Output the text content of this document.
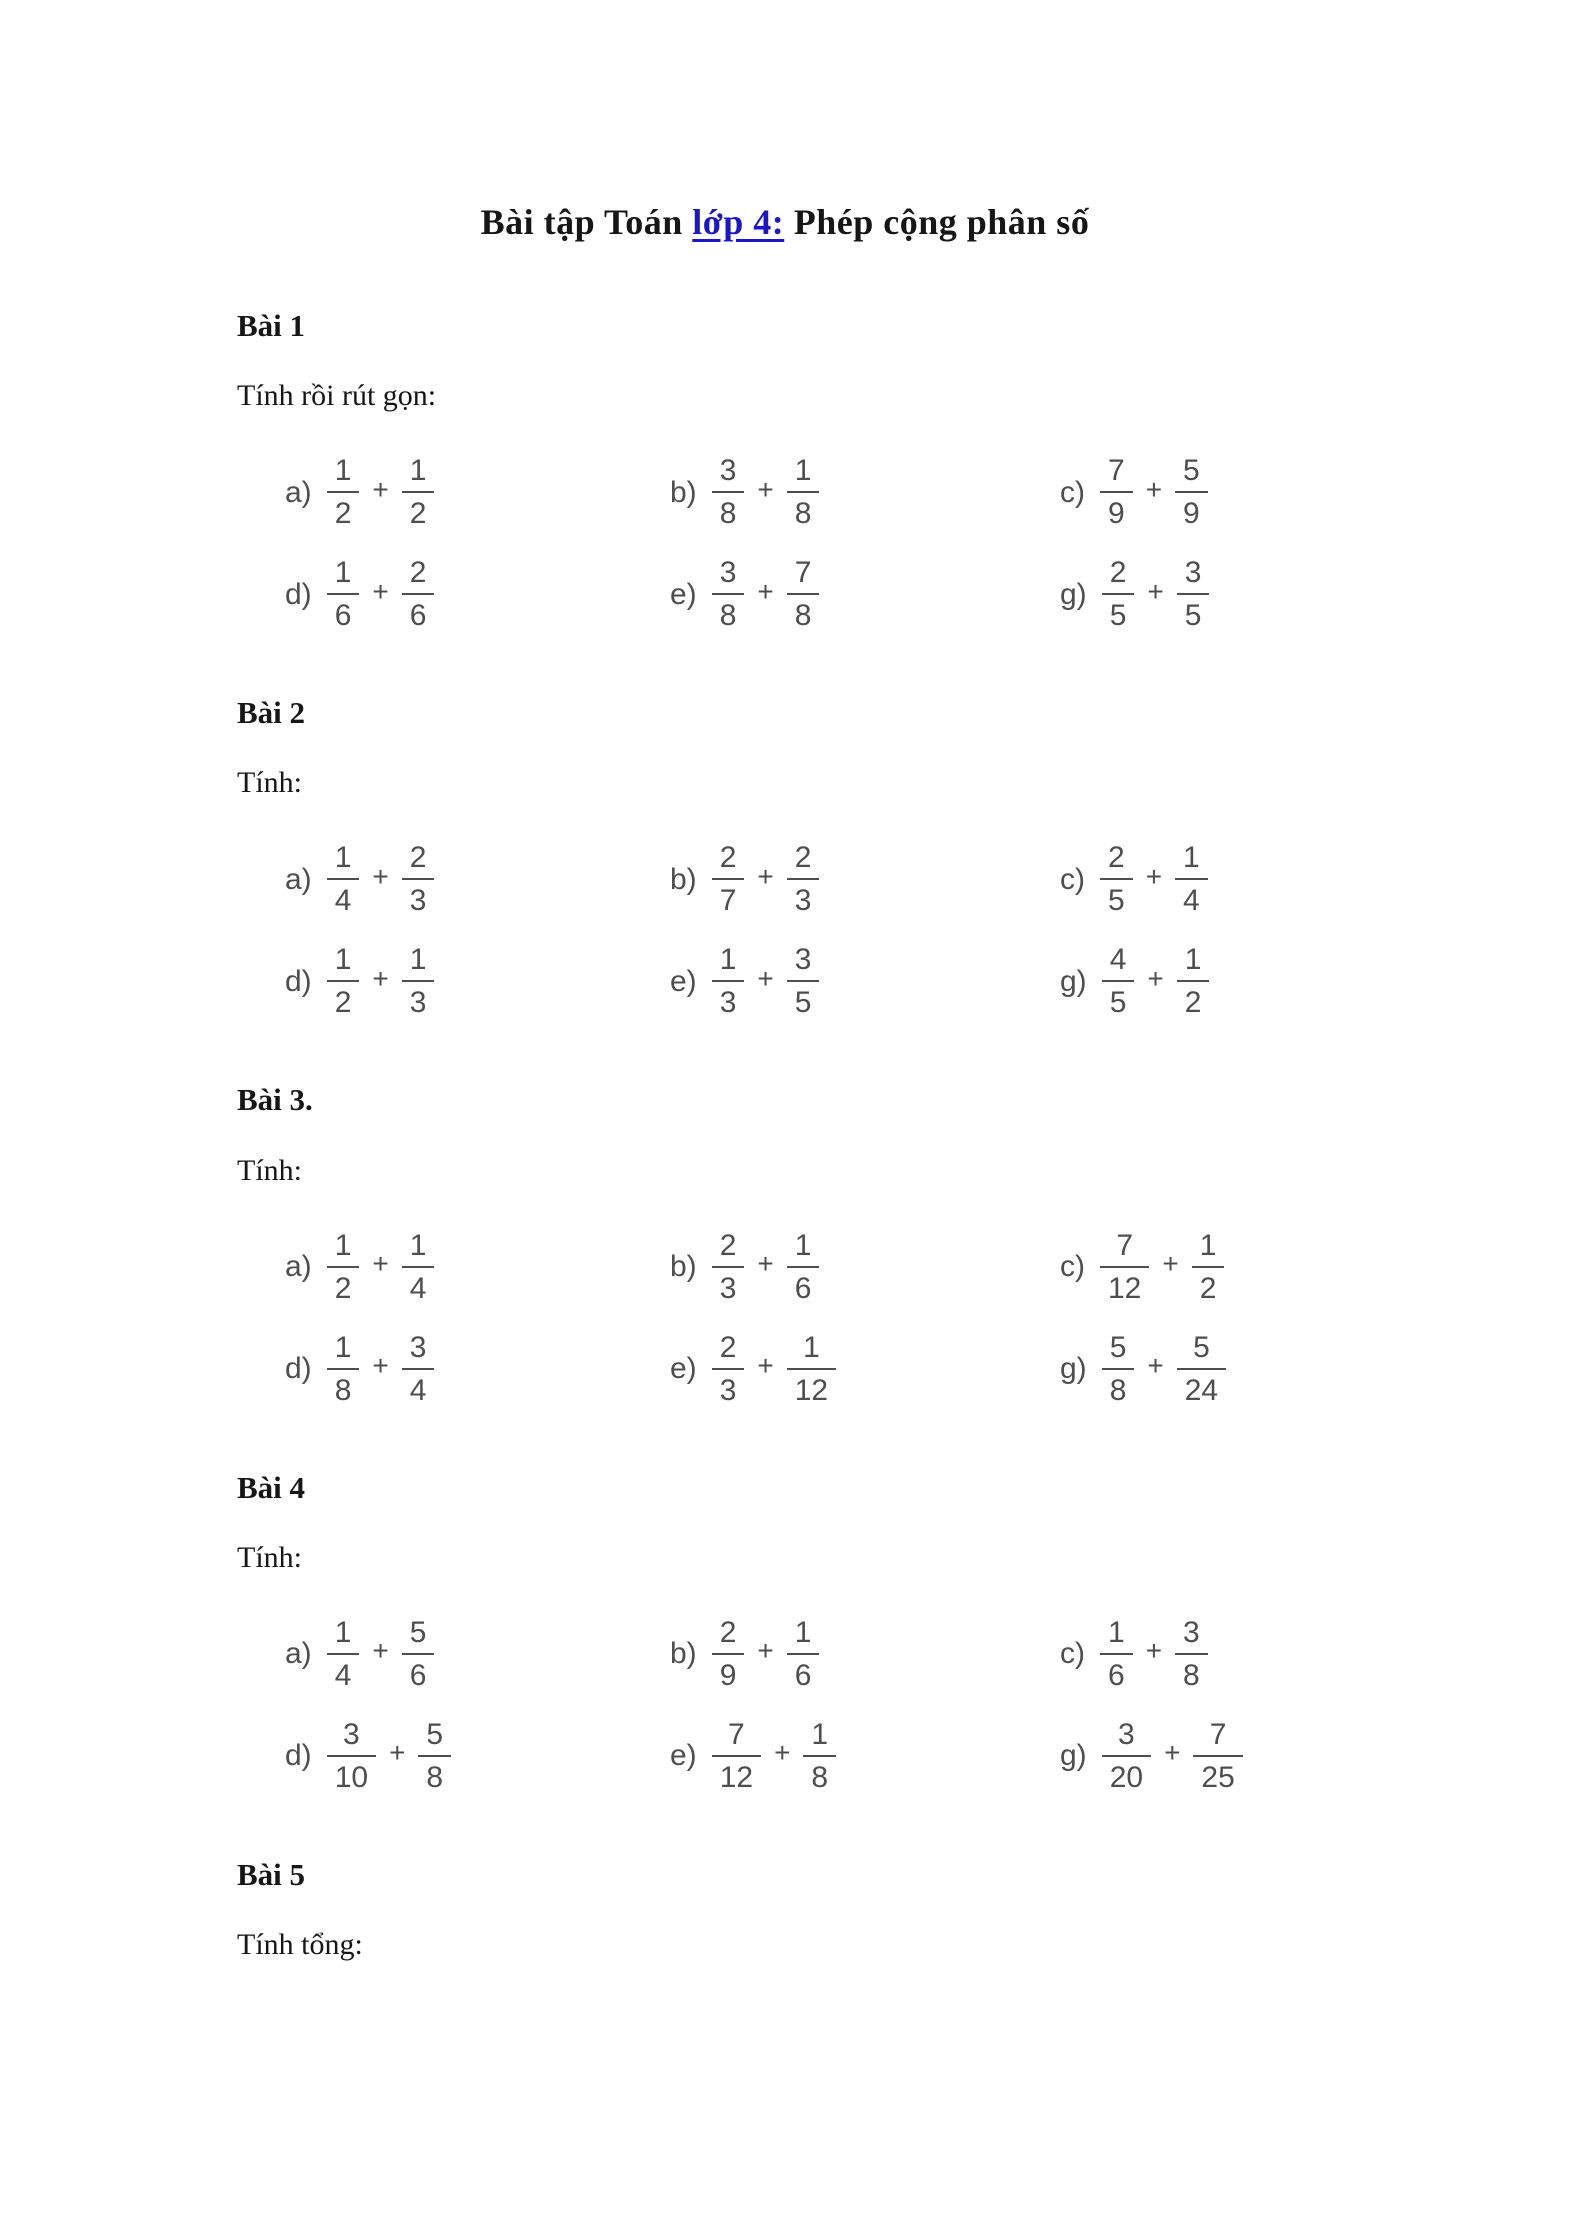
Bài tập Toán lớp 4: Phép cộng phân số
Bài 1
Tính rồi rút gọn:
$a) \frac{1}{2} + \frac{1}{2}$	$b) \frac{3}{8} + \frac{1}{8}$	$c) \frac{7}{9} + \frac{5}{9}$
$d) \frac{1}{6} + \frac{2}{6}$	$e) \frac{3}{8} + \frac{7}{8}$	$g) \frac{2}{5} + \frac{3}{5}$
Bài 2
Tính:
$a) \frac{1}{4} + \frac{2}{3}$	$b) \frac{2}{7} + \frac{2}{3}$	$c) \frac{2}{5} + \frac{1}{4}$
$d) \frac{1}{2} + \frac{1}{3}$	$e) \frac{1}{3} + \frac{3}{5}$	$g) \frac{4}{5} + \frac{1}{2}$
Bài 3.
Tính:
$a) \frac{1}{2} + \frac{1}{4}$	$b) \frac{2}{3} + \frac{1}{6}$	$c) \frac{7}{12} + \frac{1}{2}$
$d) \frac{1}{8} + \frac{3}{4}$	$e) \frac{2}{3} + \frac{1}{12}$	$g) \frac{5}{8} + \frac{5}{24}$
Bài 4
Tính:
$a) \frac{1}{4} + \frac{5}{6}$	$b) \frac{2}{9} + \frac{1}{6}$	$c) \frac{1}{6} + \frac{3}{8}$
$d) \frac{3}{10} + \frac{5}{8}$	$e) \frac{7}{12} + \frac{1}{8}$	$g) \frac{3}{20} + \frac{7}{25}$
Bài 5
Tính tổng:
